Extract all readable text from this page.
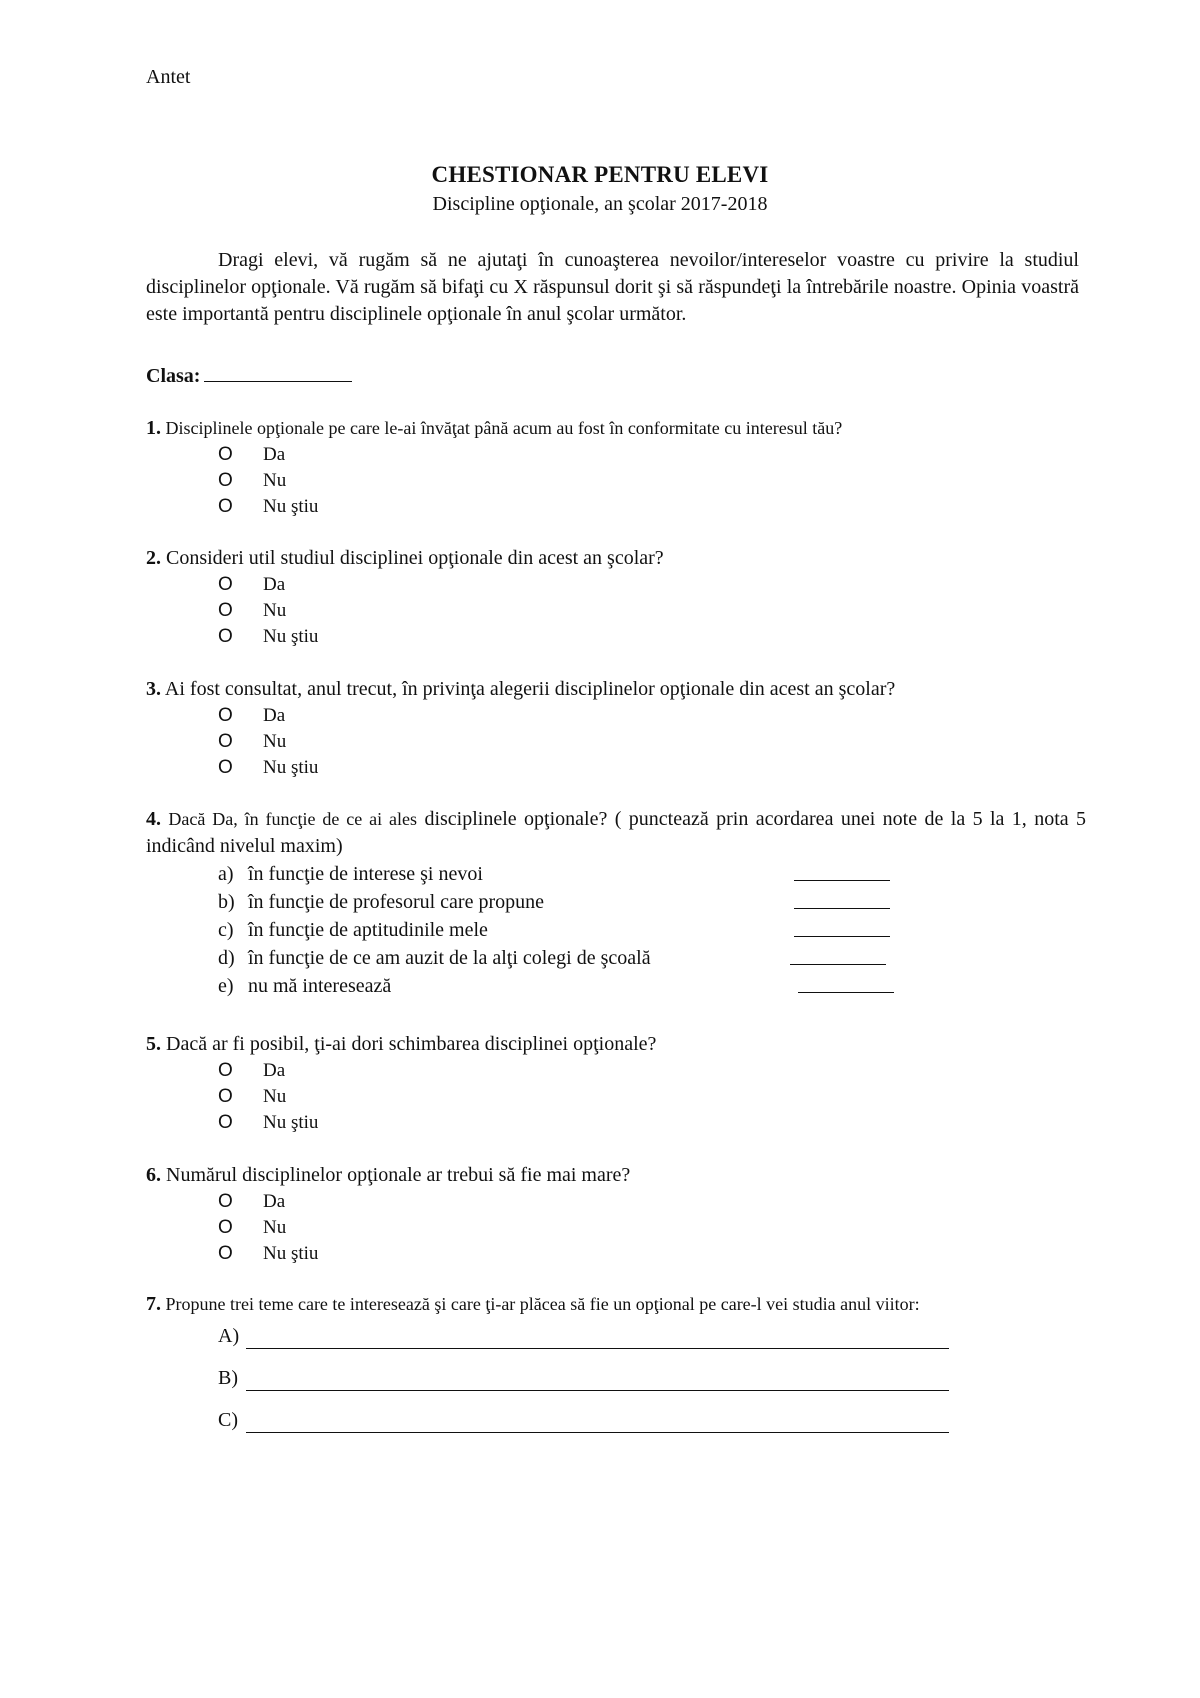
Antet
CHESTIONAR PENTRU ELEVI
Discipline opţionale, an şcolar 2017-2018

Dragi elevi, vă rugăm să ne ajutaţi în cunoaşterea nevoilor/intereselor voastre cu privire la studiul disciplinelor opţionale. Vă rugăm să bifaţi cu X răspunsul dorit şi să răspundeţi la întrebările noastre. Opinia voastră este importantă pentru disciplinele opţionale în anul şcolar următor.

Clasa:

1. Disciplinele opţionale pe care le-ai învăţat până acum au fost în conformitate cu interesul tău?

O Da
O Nu
O Nu ştiu

2. Consideri util studiul disciplinei opţionale din acest an şcolar?

O Da
O Nu
O Nu ştiu

3. Ai fost consultat, anul trecut, în privinţa alegerii disciplinelor opţionale din acest an şcolar?

O Da
O Nu
O Nu ştiu

4. Dacă Da, în funcţie de ce ai ales disciplinele opţionale? ( punctează prin acordarea unei note de la 5 la 1, nota 5 indicând nivelul maxim)

a) în funcţie de interese şi nevoi
b) în funcţie de profesorul care propune
c) în funcţie de aptitudinile mele
d) în funcţie de ce am auzit de la alţi colegi de şcoală
e) nu mă interesează

5. Dacă ar fi posibil, ţi-ai dori schimbarea disciplinei opţionale?

O Da
O Nu
O Nu ştiu

6. Numărul disciplinelor opţionale ar trebui să fie mai mare?

O Da
O Nu
O Nu ştiu

7. Propune trei teme care te interesează şi care ţi-ar plăcea să fie un opţional pe care-l vei studia anul viitor:

A)
B)
C)
